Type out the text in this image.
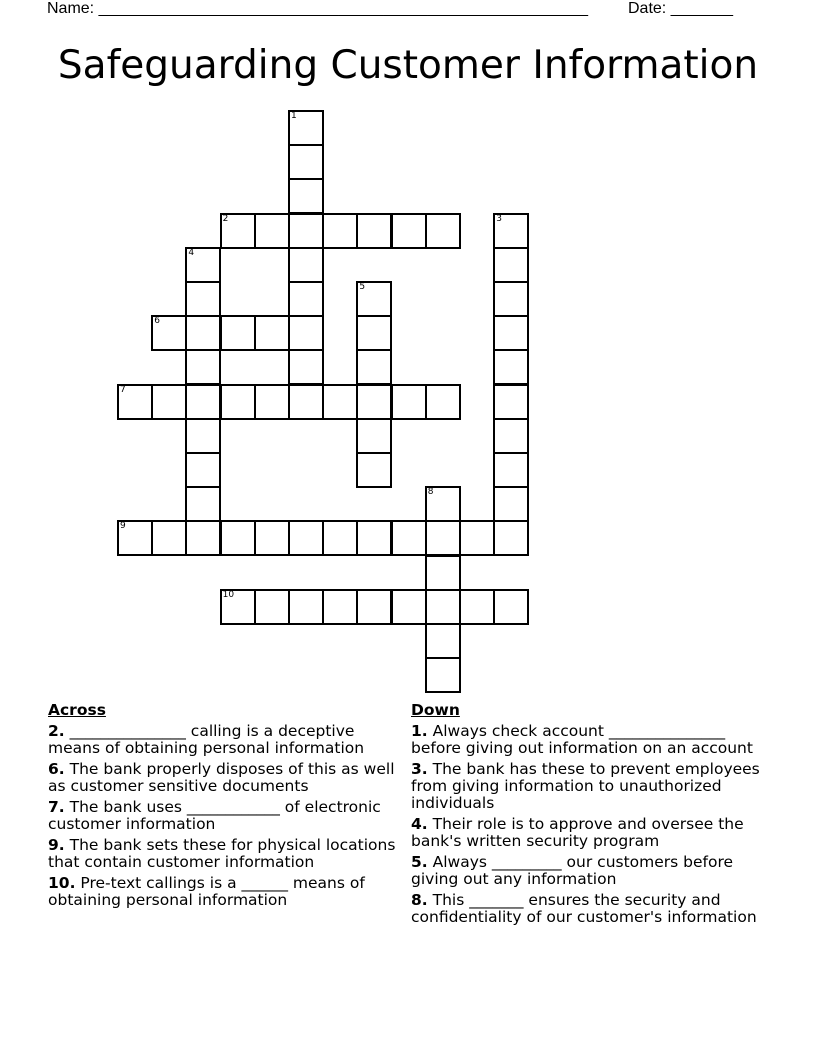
Name: _______________________________________________________	Date: _______
Safeguarding Customer Information
1
2	3
4
5
6
7
8
9
10
Across
2. _______________ calling is a deceptive means of obtaining personal information
6. The bank properly disposes of this as well as customer sensitive documents
7. The bank uses ____________ of electronic customer information
9. The bank sets these for physical locations that contain customer information
10. Pre-text callings is a ______ means of obtaining personal information
Down
1. Always check account _______________ before giving out information on an account
3. The bank has these to prevent employees from giving information to unauthorized individuals
4. Their role is to approve and oversee the bank's written security program
5. Always _________ our customers before giving out any information
8. This _______ ensures the security and confidentiality of our customer's information
